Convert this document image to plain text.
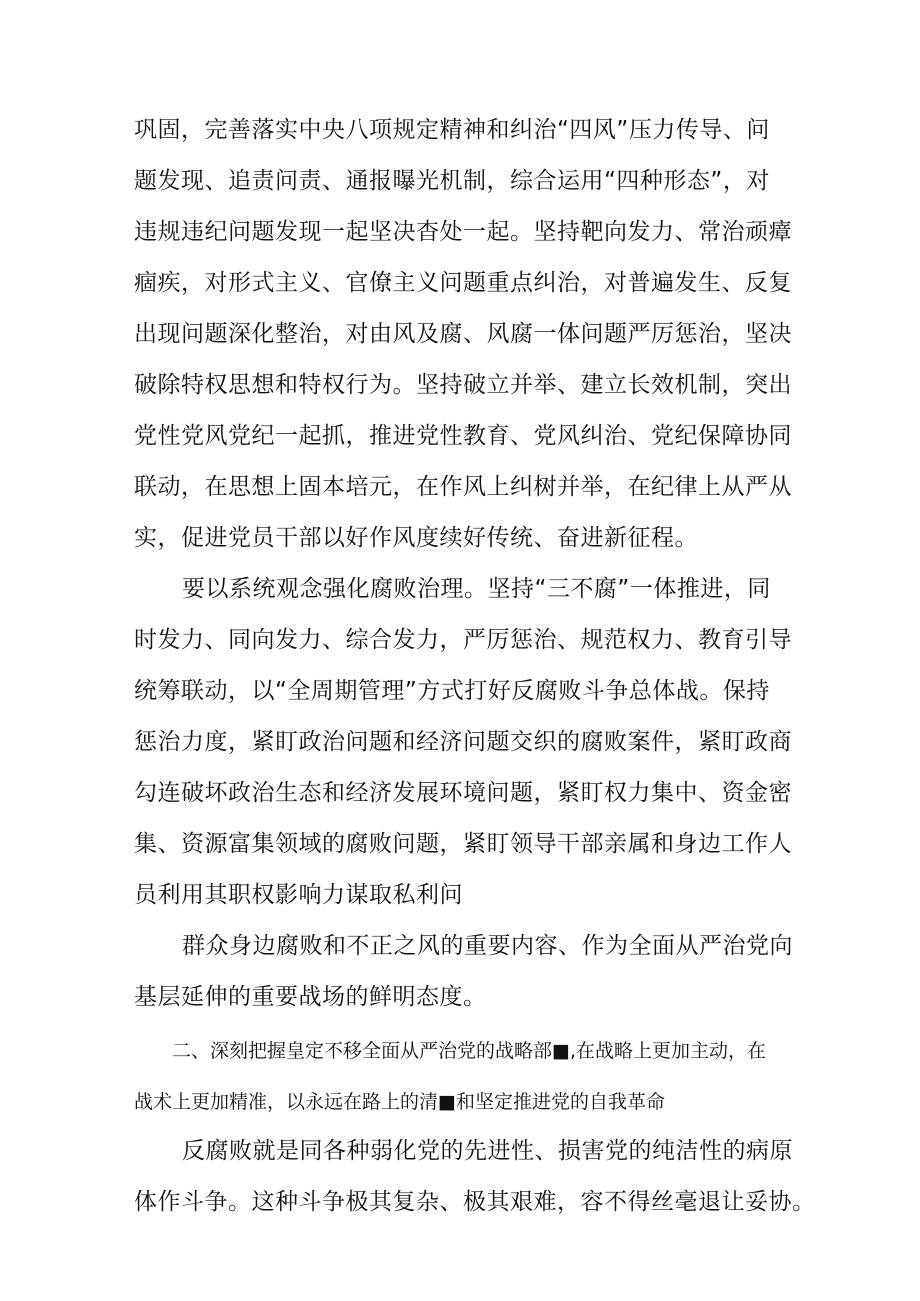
巩固，完善落实中央八项规定精神和纠治“四风”压力传导、问
题发现、追责问责、通报曝光机制，综合运用“四种形态”，对
违规违纪问题发现一起坚决杳处一起。坚持靶向发力、常治顽瘴
痼疾，对形式主义、官僚主义问题重点纠治，对普遍发生、反复
出现问题深化整治，对由风及腐、风腐一体问题严厉惩治，坚决
破除特权思想和特权行为。坚持破立并举、建立长效机制，突出
党性党风党纪一起抓，推进党性教育、党风纠治、党纪保障协同
联动，在思想上固本培元，在作风上纠树并举，在纪律上从严从
实，促进党员干部以好作风度续好传统、奋进新征程。
要以系统观念强化腐败治理。坚持“三不腐”一体推进，同
时发力、同向发力、综合发力，严厉惩治、规范权力、教育引导
统筹联动，以“全周期管理”方式打好反腐败斗争总体战。保持
惩治力度，紧盯政治问题和经济问题交织的腐败案件，紧盯政商
勾连破坏政治生态和经济发展环境问题，紧盯权力集中、资金密
集、资源富集领域的腐败问题，紧盯领导干部亲属和身边工作人
员利用其职权影响力谋取私利问
群众身边腐败和不正之风的重要内容、作为全面从严治党向
基层延伸的重要战场的鲜明态度。
二、深刻把握皇定不移全面从严治党的战略部■,在战略上更加主动，在
战术上更加精准，以永远在路上的清■和坚定推进党的自我革命
反腐败就是同各种弱化党的先进性、损害党的纯洁性的病原
体作斗争。这种斗争极其复杂、极其艰难，容不得丝毫退让妥协。
